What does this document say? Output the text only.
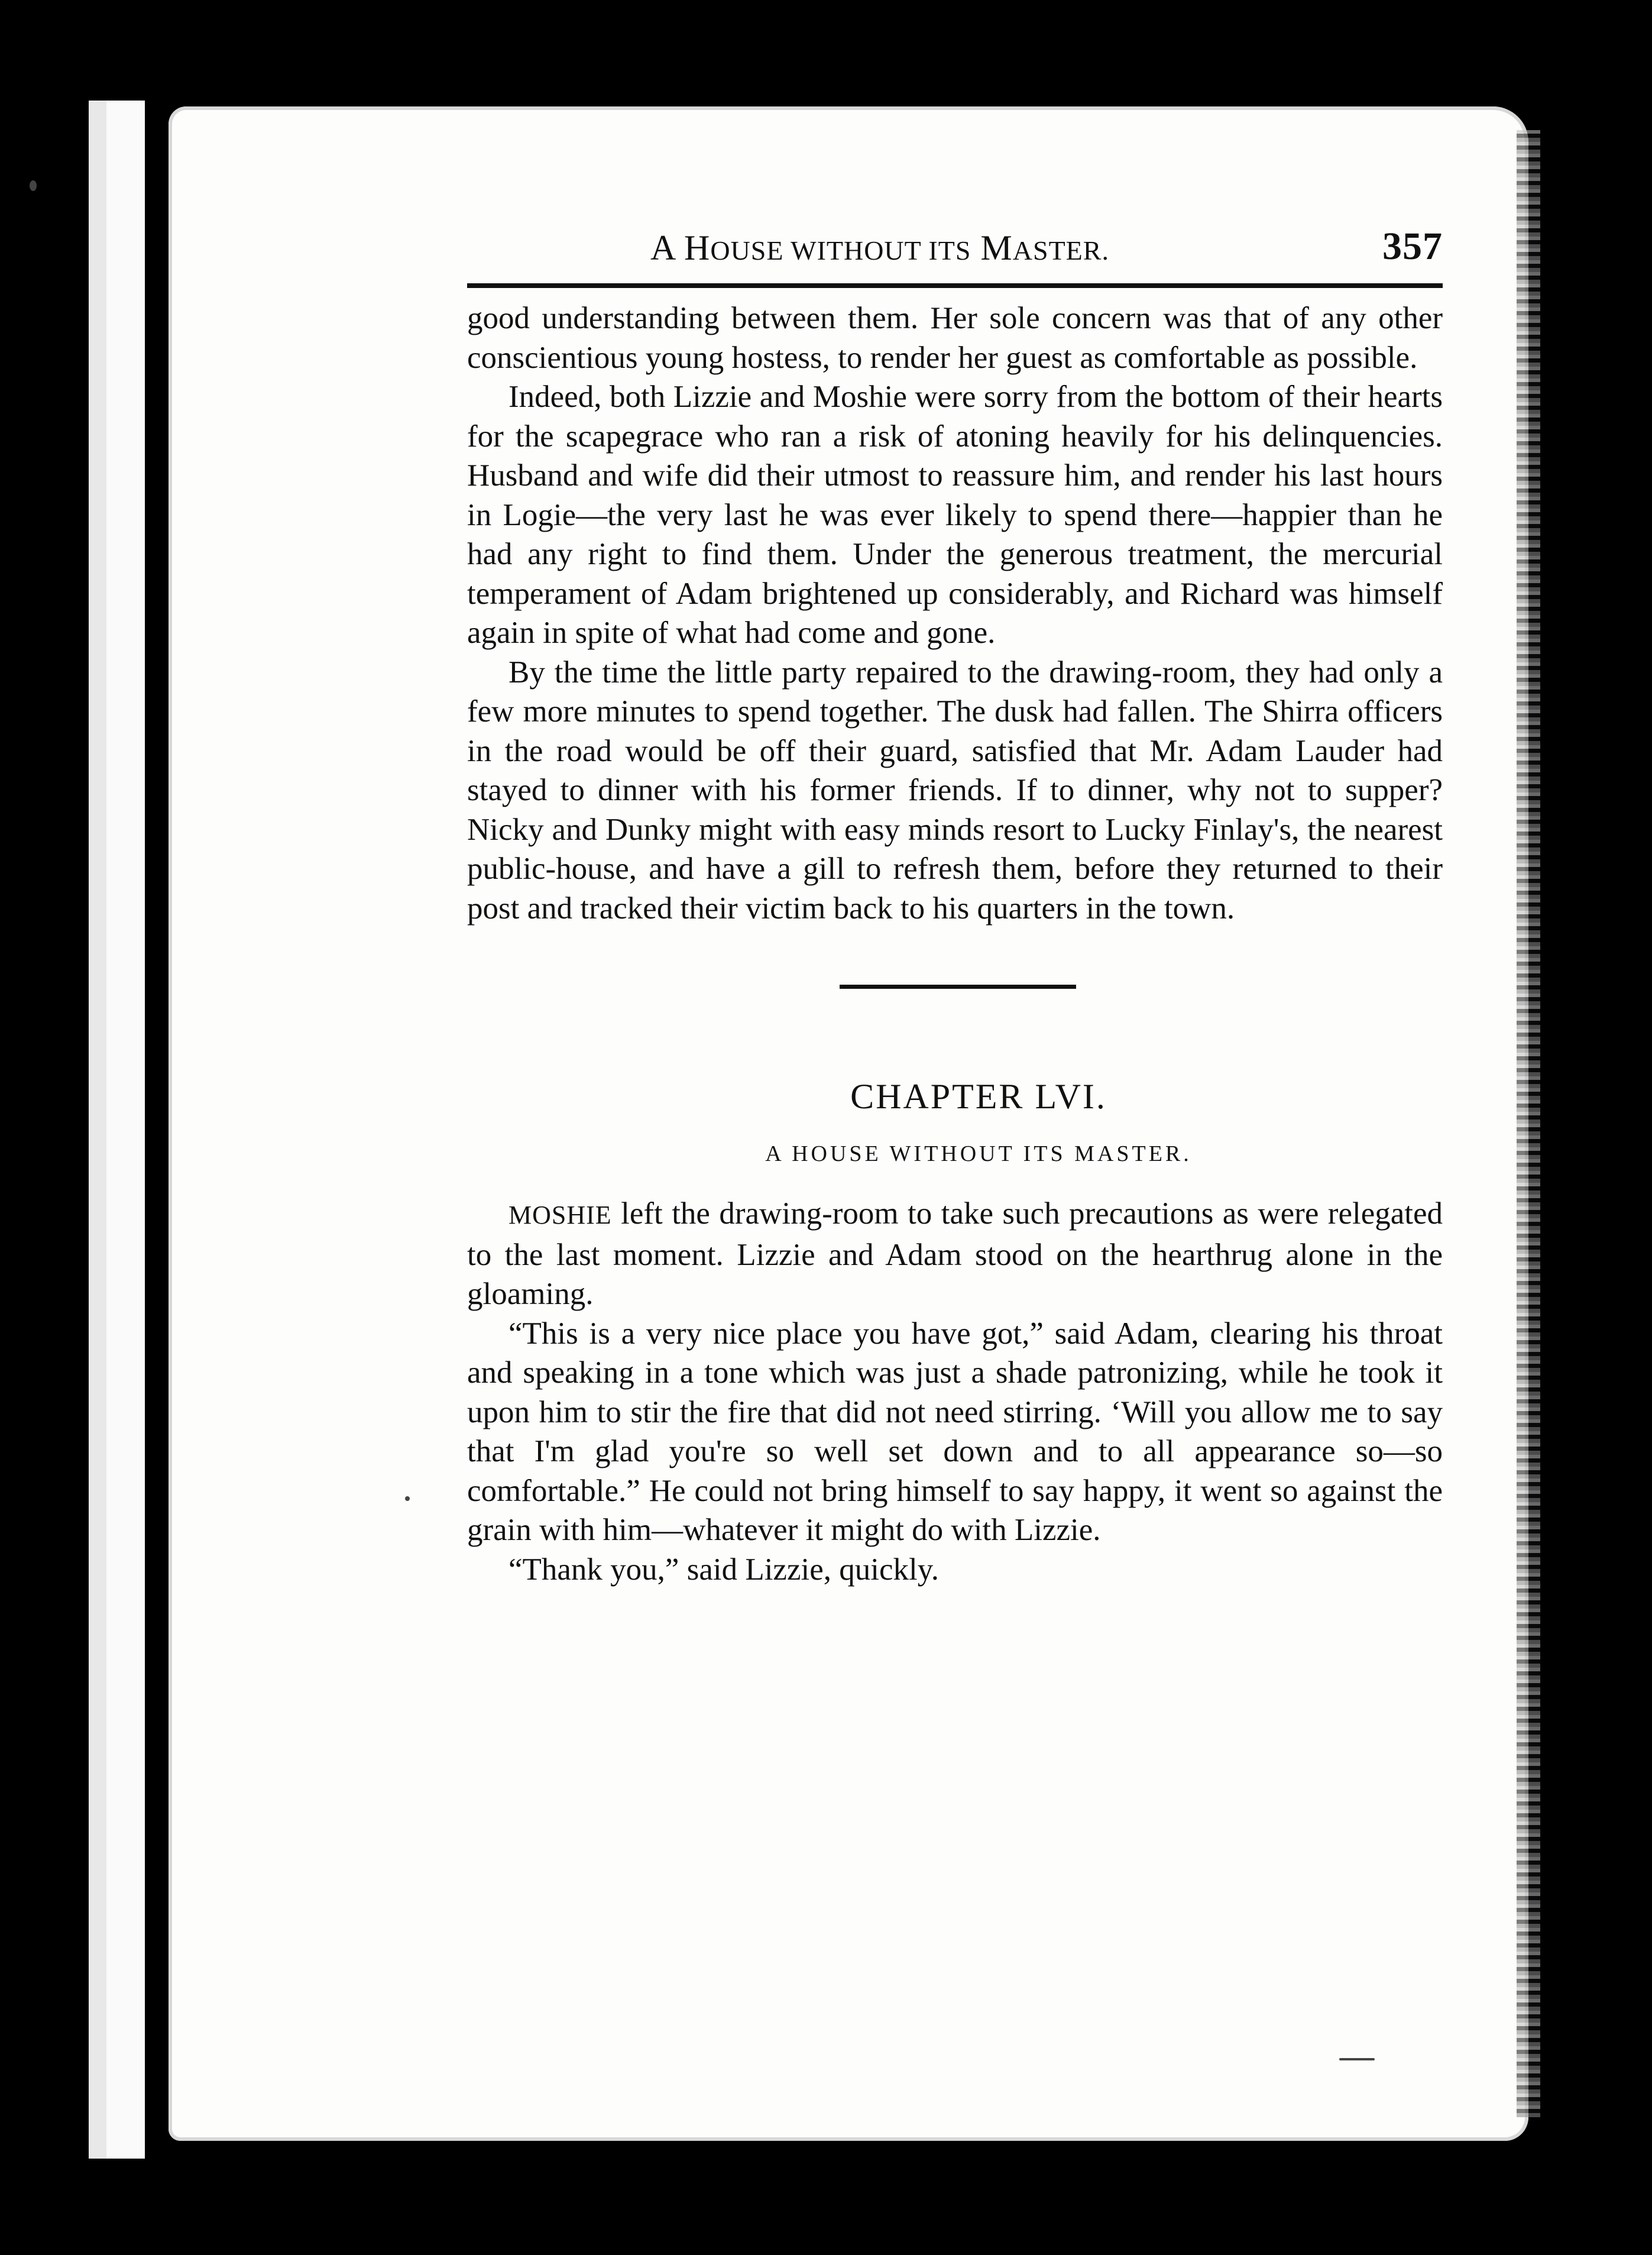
A HOUSE WITHOUT ITS MASTER.	357

good understanding between them. Her sole concern was that of any other conscientious young hostess, to render her guest as comfortable as possible.

Indeed, both Lizzie and Moshie were sorry from the bottom of their hearts for the scapegrace who ran a risk of atoning heavily for his delinquencies. Husband and wife did their utmost to reassure him, and render his last hours in Logie—the very last he was ever likely to spend there—happier than he had any right to find them. Under the generous treatment, the mercurial temperament of Adam brightened up considerably, and Richard was himself again in spite of what had come and gone.

By the time the little party repaired to the drawing-room, they had only a few more minutes to spend together. The dusk had fallen. The Shirra officers in the road would be off their guard, satisfied that Mr. Adam Lauder had stayed to dinner with his former friends. If to dinner, why not to supper? Nicky and Dunky might with easy minds resort to Lucky Finlay's, the nearest public-house, and have a gill to refresh them, before they returned to their post and tracked their victim back to his quarters in the town.

CHAPTER LVI.
A HOUSE WITHOUT ITS MASTER.

MOSHIE left the drawing-room to take such precautions as were relegated to the last moment. Lizzie and Adam stood on the hearthrug alone in the gloaming.

“This is a very nice place you have got,” said Adam, clearing his throat and speaking in a tone which was just a shade patronizing, while he took it upon him to stir the fire that did not need stirring. ‘Will you allow me to say that I'm glad you're so well set down and to all appearance so—so comfortable.” He could not bring himself to say happy, it went so against the grain with him—whatever it might do with Lizzie.

“Thank you,” said Lizzie, quickly.
